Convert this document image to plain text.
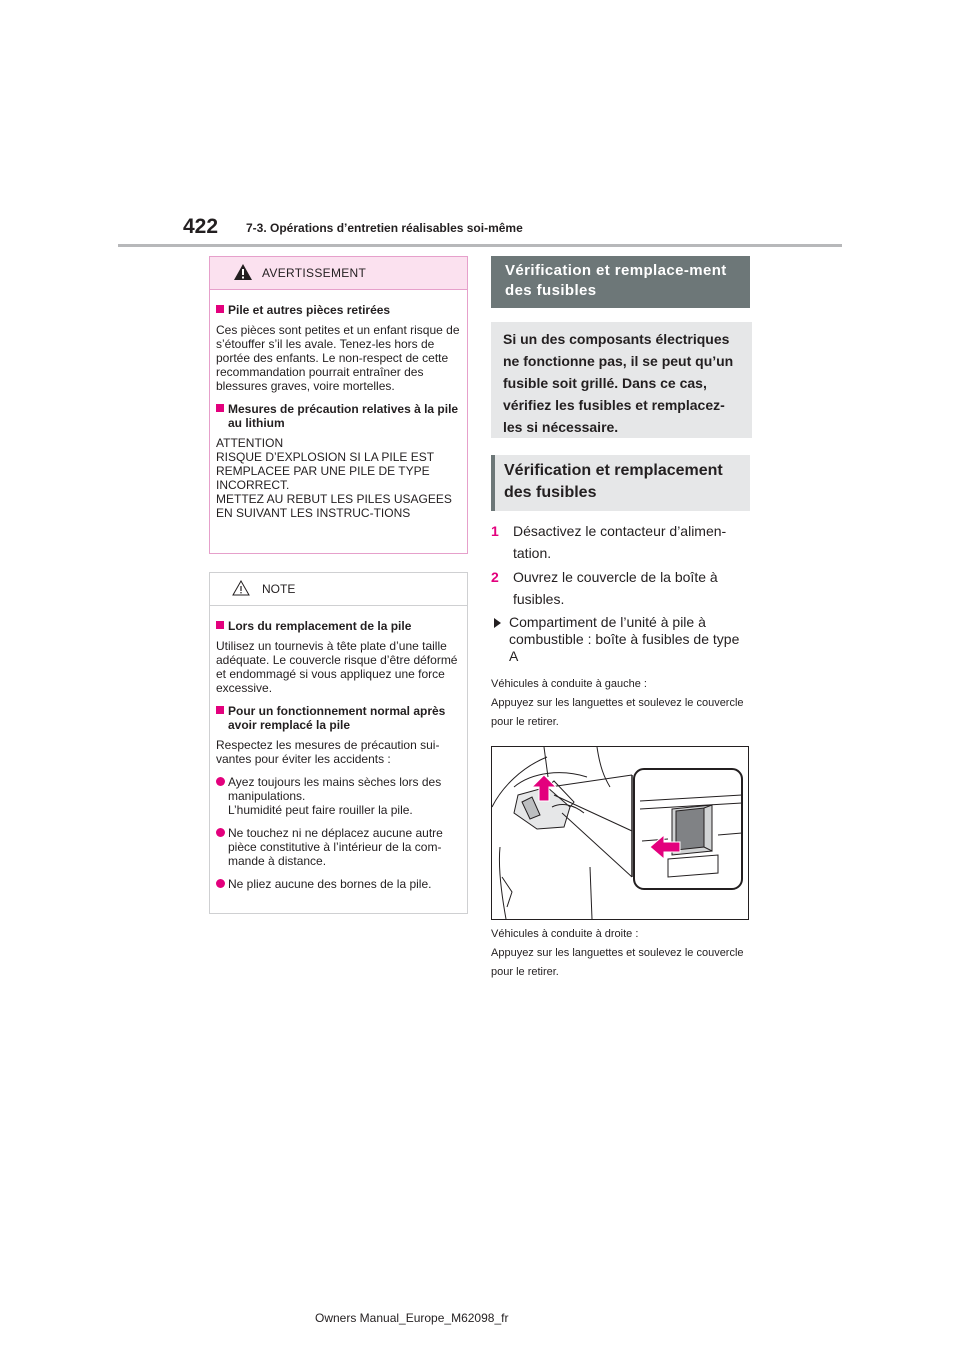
422 7-3. Opérations d’entretien réalisables soi-même
AVERTISSEMENT
Pile et autres pièces retirées
Ces pièces sont petites et un enfant risque de s’étouffer s’il les avale. Tenez-les hors de portée des enfants. Le non-respect de cette recommandation pourrait entraîner des blessures graves, voire mortelles.
Mesures de précaution relatives à la pile au lithium
ATTENTION
RISQUE D’EXPLOSION SI LA PILE EST REMPLACEE PAR UNE PILE DE TYPE INCORRECT.
METTEZ AU REBUT LES PILES USAGEES EN SUIVANT LES INSTRUC-TIONS
NOTE
Lors du remplacement de la pile
Utilisez un tournevis à tête plate d’une taille adéquate. Le couvercle risque d’être déformé et endommagé si vous appliquez une force excessive.
Pour un fonctionnement normal après avoir remplacé la pile
Respectez les mesures de précaution sui-vantes pour éviter les accidents :
Ayez toujours les mains sèches lors des manipulations.
L’humidité peut faire rouiller la pile.
Ne touchez ni ne déplacez aucune autre pièce constitutive à l’intérieur de la com-mande à distance.
Ne pliez aucune des bornes de la pile.
Vérification et remplace-ment des fusibles
Si un des composants électriques ne fonctionne pas, il se peut qu’un fusible soit grillé. Dans ce cas, vérifiez les fusibles et remplacez-les si nécessaire.
Vérification et remplacement des fusibles
1 Désactivez le contacteur d’alimen-tation.
2 Ouvrez le couvercle de la boîte à fusibles.
Compartiment de l’unité à pile à combustible : boîte à fusibles de type A
Véhicules à conduite à gauche :
Appuyez sur les languettes et soulevez le couvercle pour le retirer.
Véhicules à conduite à droite :
Appuyez sur les languettes et soulevez le couvercle pour le retirer.
Owners Manual_Europe_M62098_fr
